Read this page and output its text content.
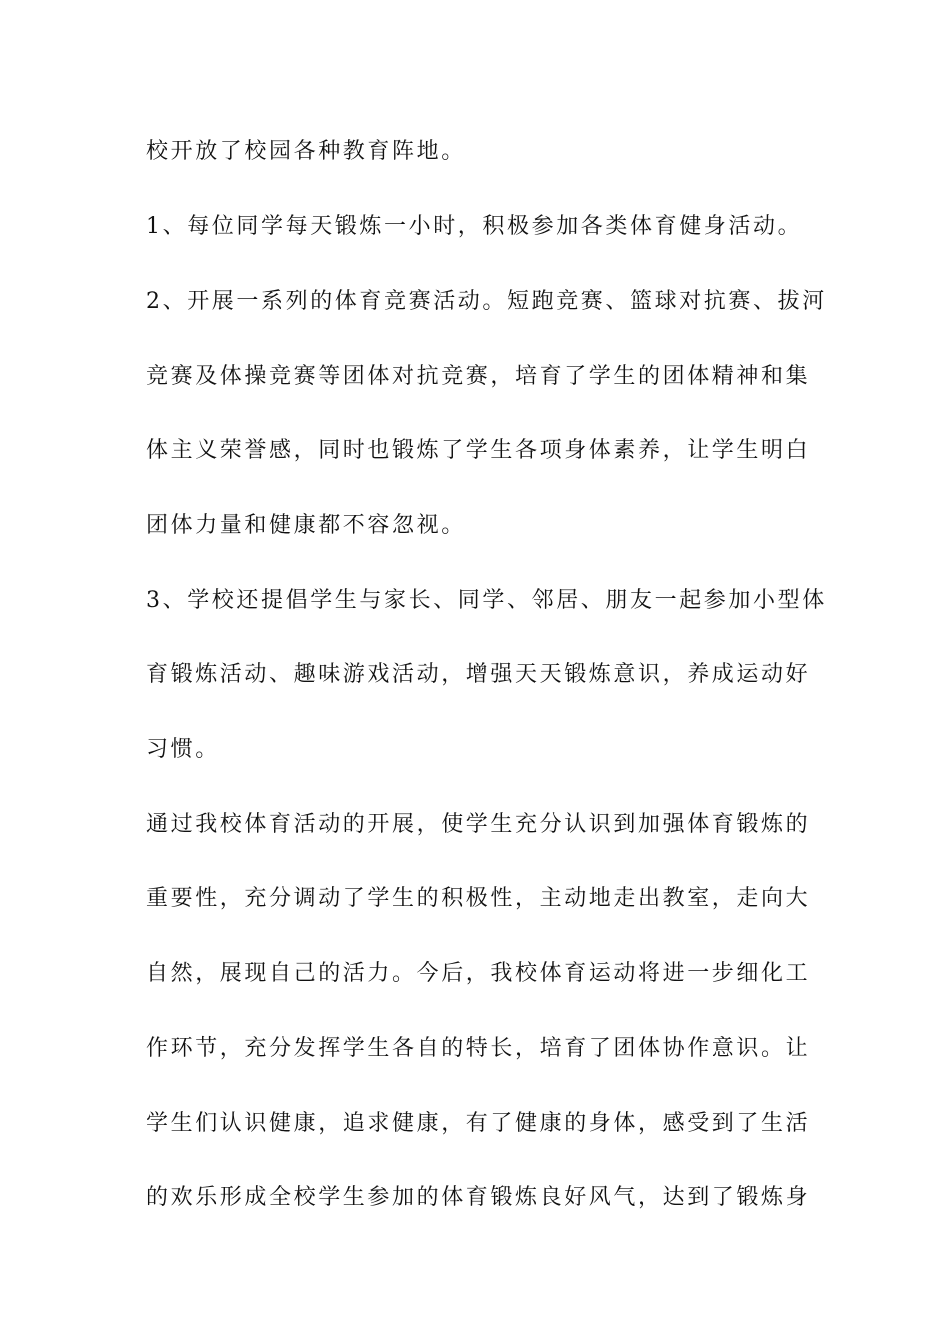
校开放了校园各种教育阵地。
1、每位同学每天锻炼一小时，积极参加各类体育健身活动。
2、开展一系列的体育竞赛活动。短跑竞赛、篮球对抗赛、拔河
竞赛及体操竞赛等团体对抗竞赛，培育了学生的团体精神和集
体主义荣誉感，同时也锻炼了学生各项身体素养，让学生明白
团体力量和健康都不容忽视。
3、学校还提倡学生与家长、同学、邻居、朋友一起参加小型体
育锻炼活动、趣味游戏活动，增强天天锻炼意识，养成运动好
习惯。
通过我校体育活动的开展，使学生充分认识到加强体育锻炼的
重要性，充分调动了学生的积极性，主动地走出教室，走向大
自然，展现自己的活力。今后，我校体育运动将进一步细化工
作环节，充分发挥学生各自的特长，培育了团体协作意识。让
学生们认识健康，追求健康，有了健康的身体，感受到了生活
的欢乐形成全校学生参加的体育锻炼良好风气，达到了锻炼身
